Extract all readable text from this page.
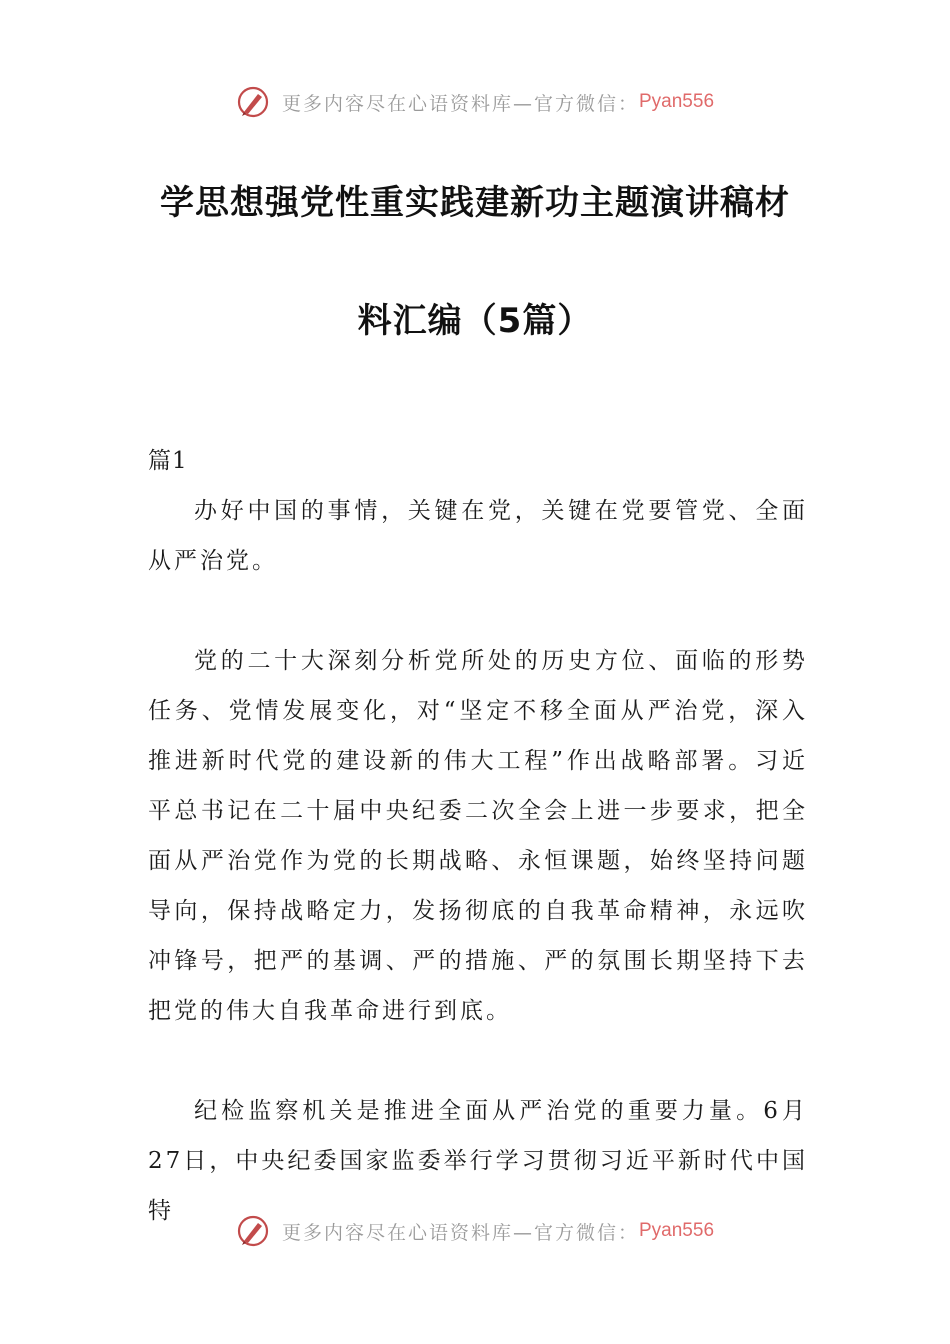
更多内容尽在心语资料库—官方微信： Pyan556
学思想强党性重实践建新功主题演讲稿材
料汇编（5篇）

篇1

办好中国的事情，关键在党，关键在党要管党、全面从严治党。

党的二十大深刻分析党所处的历史方位、面临的形势任务、党情发展变化，对“坚定不移全面从严治党，深入推进新时代党的建设新的伟大工程”作出战略部署。习近平总书记在二十届中央纪委二次全会上进一步要求，把全面从严治党作为党的长期战略、永恒课题，始终坚持问题导向，保持战略定力，发扬彻底的自我革命精神，永远吹冲锋号，把严的基调、严的措施、严的氛围长期坚持下去把党的伟大自我革命进行到底。

纪检监察机关是推进全面从严治党的重要力量。6月27日，中央纪委国家监委举行学习贯彻习近平新时代中国特

更多内容尽在心语资料库—官方微信： Pyan556
